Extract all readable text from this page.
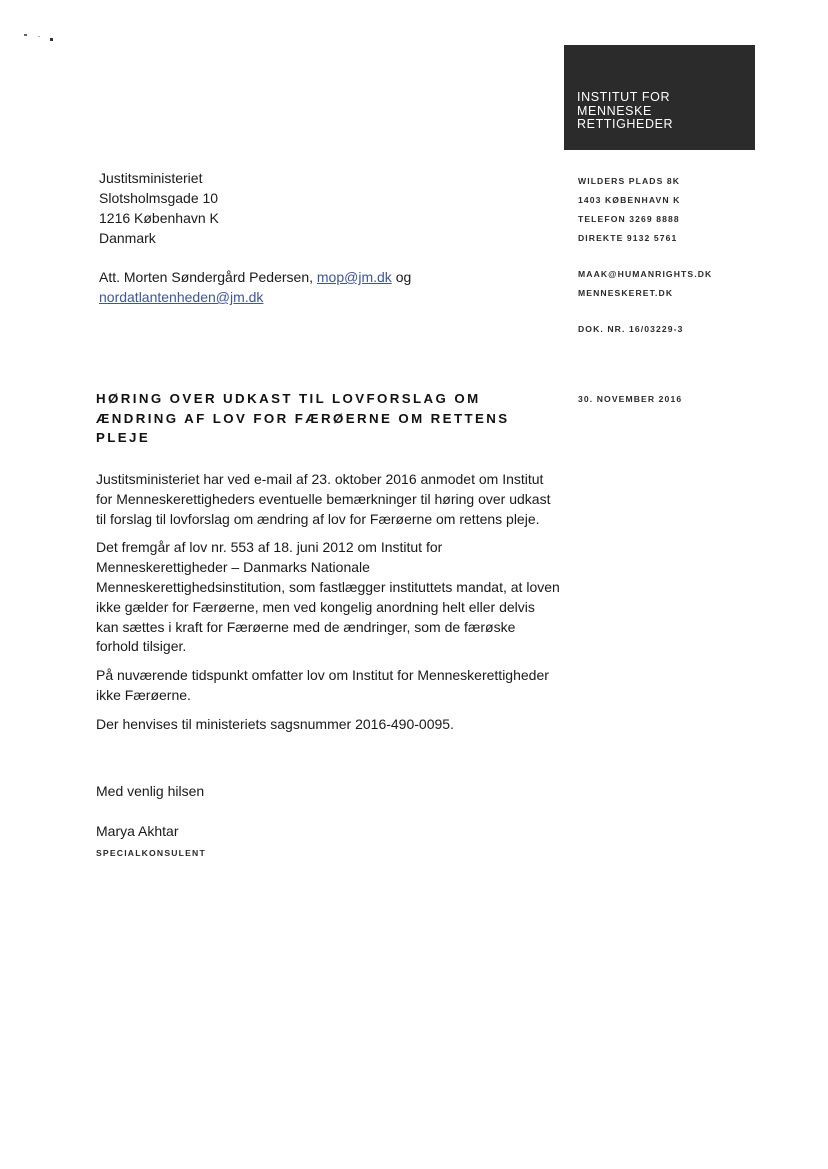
INSTITUT FOR
MENNESKE
RETTIGHEDER
Justitsministeriet
Slotsholmsgade 10
1216 København K
Danmark
Att. Morten Søndergård Pedersen, mop@jm.dk og
nordatlantenheden@jm.dk
WILDERS PLADS 8K
1403 KØBENHAVN K
TELEFON 3269 8888
DIREKTE 9132 5761
MAAK@HUMANRIGHTS.DK
MENNESKERET.DK
DOK. NR. 16/03229-3
30. NOVEMBER 2016
HØRING OVER UDKAST TIL LOVFORSLAG OM ÆNDRING AF LOV FOR FÆRØERNE OM RETTENS PLEJE

Justitsministeriet har ved e-mail af 23. oktober 2016 anmodet om Institut for Menneskerettigheders eventuelle bemærkninger til høring over udkast til forslag til lovforslag om ændring af lov for Færøerne om rettens pleje.

Det fremgår af lov nr. 553 af 18. juni 2012 om Institut for Menneskerettigheder – Danmarks Nationale Menneskerettighedsinstitution, som fastlægger instituttets mandat, at loven ikke gælder for Færøerne, men ved kongelig anordning helt eller delvis kan sættes i kraft for Færøerne med de ændringer, som de færøske forhold tilsiger.

På nuværende tidspunkt omfatter lov om Institut for Menneskerettigheder ikke Færøerne.

Der henvises til ministeriets sagsnummer 2016-490-0095.

Med venlig hilsen
Marya Akhtar
SPECIALKONSULENT
